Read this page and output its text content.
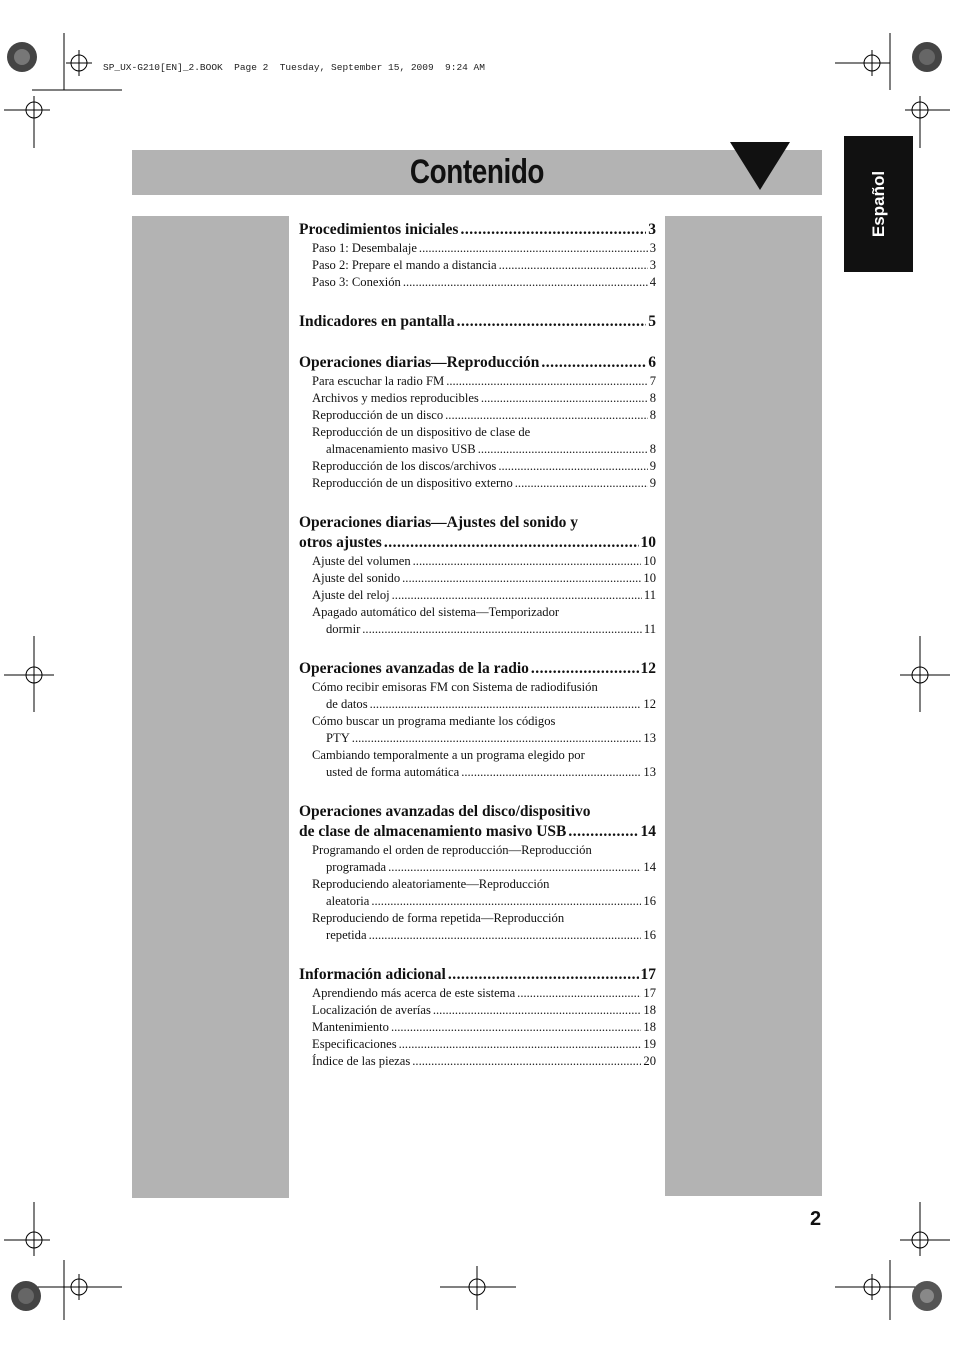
SP_UX-G210[EN]_2.BOOK  Page 2  Tuesday, September 15, 2009  9:24 AM
Contenido	Español
Procedimientos iniciales .....	3
Paso 1: Desembalaje .....	3
Paso 2: Prepare el mando a distancia .....	3
Paso 3: Conexión .....	4
Indicadores en pantalla .....	5
Operaciones diarias—Reproducción .....	6
Para escuchar la radio FM .....	7
Archivos y medios reproducibles .....	8
Reproducción de un disco .....	8
Reproducción de un dispositivo de clase de
almacenamiento masivo USB .....	8
Reproducción de los discos/archivos .....	9
Reproducción de un dispositivo externo .....	9
Operaciones diarias—Ajustes del sonido y
otros ajustes .....	10
Ajuste del volumen .....	10
Ajuste del sonido .....	10
Ajuste del reloj .....	11
Apagado automático del sistema—Temporizador
dormir .....	11
Operaciones avanzadas de la radio .....	12
Cómo recibir emisoras FM con Sistema de radiodifusión
de datos .....	12
Cómo buscar un programa mediante los códigos
PTY .....	13
Cambiando temporalmente a un programa elegido por
usted de forma automática .....	13
Operaciones avanzadas del disco/dispositivo
de clase de almacenamiento masivo USB .....	14
Programando el orden de reproducción—Reproducción
programada .....	14
Reproduciendo aleatoriamente—Reproducción
aleatoria .....	16
Reproduciendo de forma repetida—Reproducción
repetida .....	16
Información adicional .....	17
Aprendiendo más acerca de este sistema .....	17
Localización de averías .....	18
Mantenimiento .....	18
Especificaciones .....	19
Índice de las piezas .....	20
2
